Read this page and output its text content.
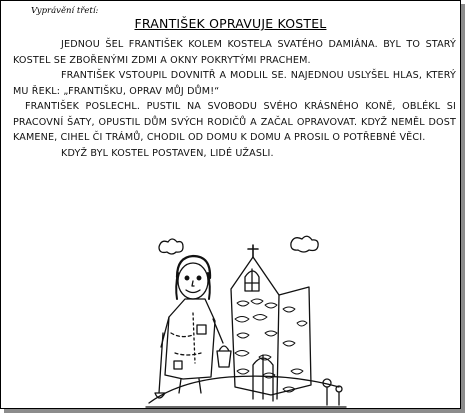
Vyprávění třetí:
FRANTIŠEK OPRAVUJE KOSTEL

JEDNOU ŠEL FRANTIŠEK KOLEM KOSTELA SVATÉHO DAMIÁNA. BYL TO STARÝ KOSTEL SE ZBOŘENÝMI ZDMI A OKNY POKRYTÝMI PRACHEM.

FRANTIŠEK VSTOUPIL DOVNITŘ A MODLIL SE. NAJEDNOU USLYŠEL HLAS, KTERÝ MU ŘEKL: „FRANTIŠKU, OPRAV MŮJ DŮM!“

FRANTIŠEK POSLECHL. PUSTIL NA SVOBODU SVÉHO KRÁSNÉHO KONĚ, OBLÉKL SI PRACOVNÍ ŠATY, OPUSTIL DŮM SVÝCH RODIČŮ A ZAČAL OPRAVOVAT. KDYŽ NEMĚL DOST KAMENE, CIHEL ČI TRÁMŮ, CHODIL OD DOMU K DOMU A PROSIL O POTŘEBNÉ VĚCI.

KDYŽ BYL KOSTEL POSTAVEN, LIDÉ UŽASLI.
